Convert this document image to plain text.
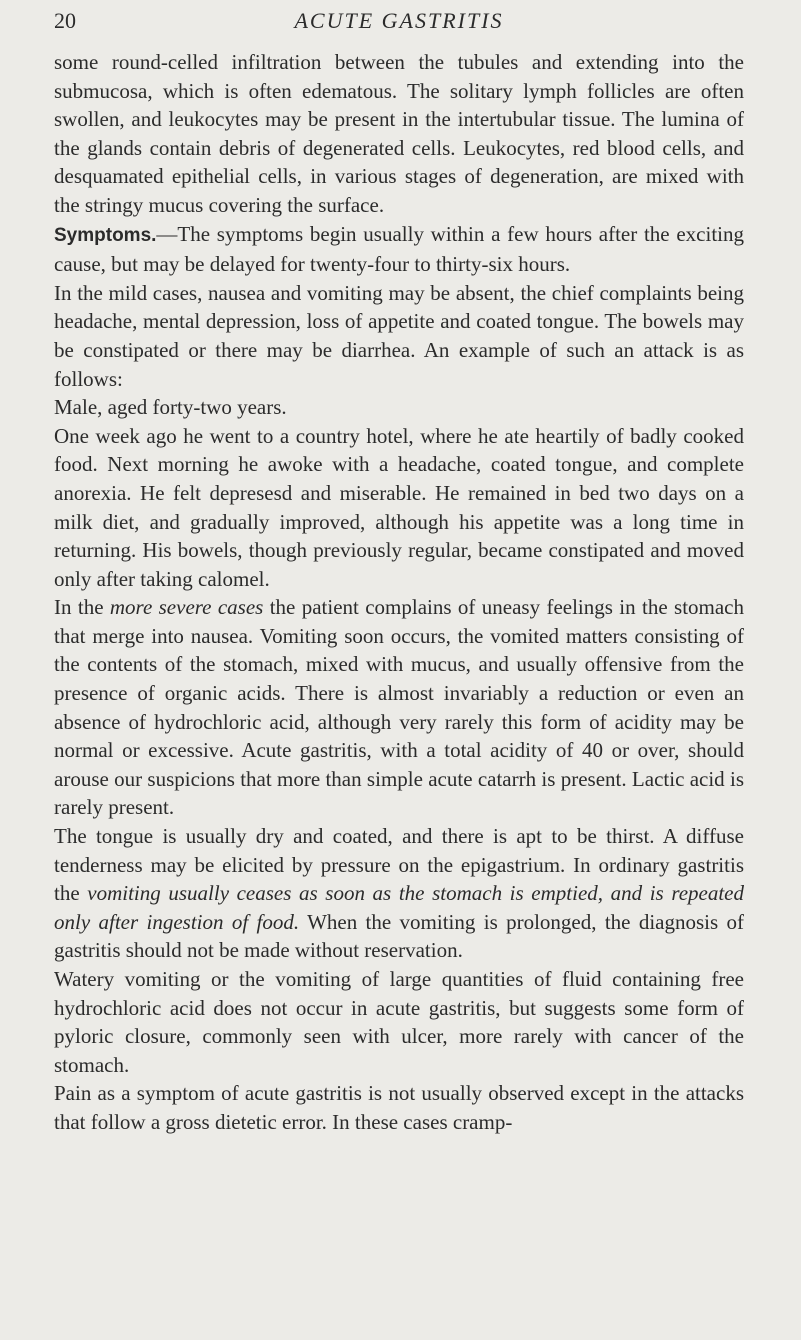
20	ACUTE GASTRITIS

some round-celled infiltration between the tubules and extending into the submucosa, which is often edematous. The solitary lymph follicles are often swollen, and leukocytes may be present in the intertubular tissue. The lumina of the glands contain debris of degenerated cells. Leukocytes, red blood cells, and desquamated epithelial cells, in various stages of degeneration, are mixed with the stringy mucus covering the surface.

Symptoms.—The symptoms begin usually within a few hours after the exciting cause, but may be delayed for twenty-four to thirty-six hours.

In the mild cases, nausea and vomiting may be absent, the chief complaints being headache, mental depression, loss of appetite and coated tongue. The bowels may be constipated or there may be diarrhea. An example of such an attack is as follows:

Male, aged forty-two years.

One week ago he went to a country hotel, where he ate heartily of badly cooked food. Next morning he awoke with a headache, coated tongue, and complete anorexia. He felt depresesd and miserable. He remained in bed two days on a milk diet, and gradually improved, although his appetite was a long time in returning. His bowels, though previously regular, became constipated and moved only after taking calomel.

In the more severe cases the patient complains of uneasy feelings in the stomach that merge into nausea. Vomiting soon occurs, the vomited matters consisting of the contents of the stomach, mixed with mucus, and usually offensive from the presence of organic acids. There is almost invariably a reduction or even an absence of hydrochloric acid, although very rarely this form of acidity may be normal or excessive. Acute gastritis, with a total acidity of 40 or over, should arouse our suspicions that more than simple acute catarrh is present. Lactic acid is rarely present.

The tongue is usually dry and coated, and there is apt to be thirst. A diffuse tenderness may be elicited by pressure on the epigastrium. In ordinary gastritis the vomiting usually ceases as soon as the stomach is emptied, and is repeated only after ingestion of food. When the vomiting is prolonged, the diagnosis of gastritis should not be made without reservation.

Watery vomiting or the vomiting of large quantities of fluid containing free hydrochloric acid does not occur in acute gastritis, but suggests some form of pyloric closure, commonly seen with ulcer, more rarely with cancer of the stomach.

Pain as a symptom of acute gastritis is not usually observed except in the attacks that follow a gross dietetic error. In these cases cramp-
